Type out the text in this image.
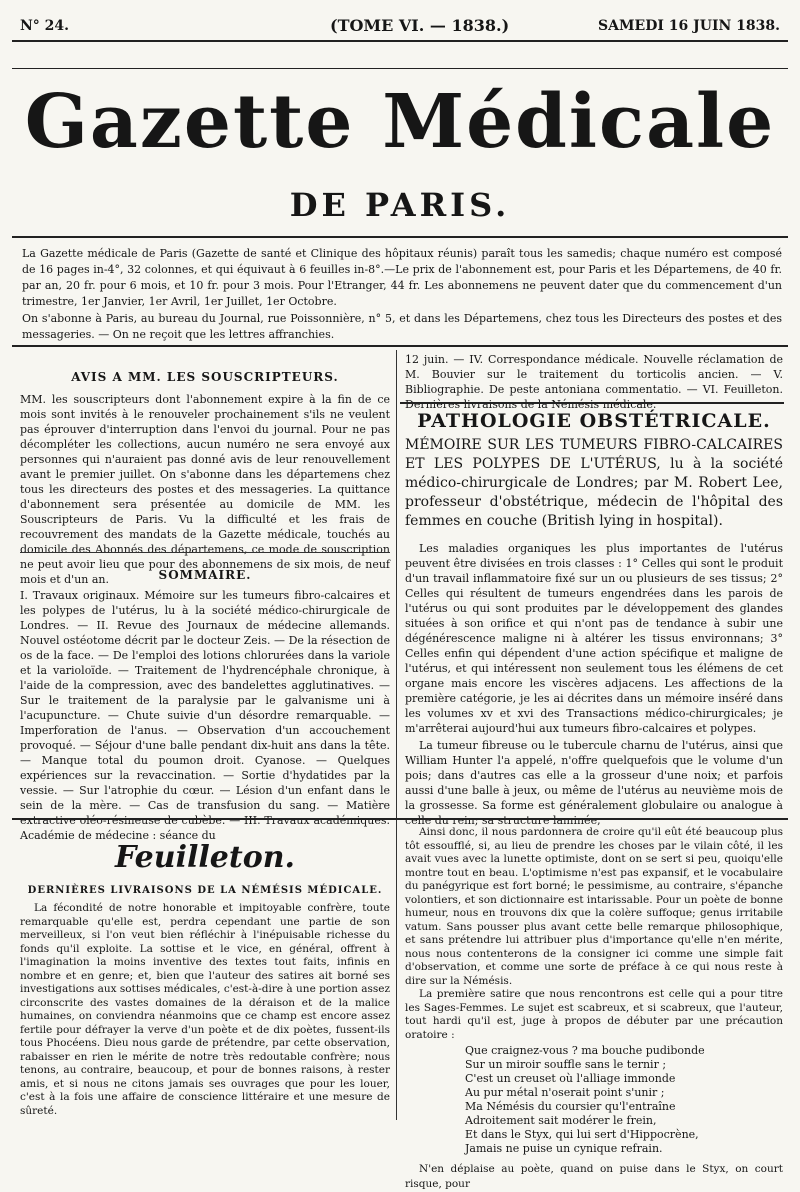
N° 24.	(TOME VI. — 1838.)	SAMEDI 16 JUIN 1838.
Gazette Médicale
DE PARIS.
La Gazette médicale de Paris (Gazette de santé et Clinique des hôpitaux réunis) paraît tous les samedis; chaque numéro est composé de 16 pages in-4°, 32 colonnes, et qui équivaut à 6 feuilles in-8°.—Le prix de l'abonnement est, pour Paris et les Départemens, de 40 fr. par an, 20 fr. pour 6 mois, et 10 fr. pour 3 mois. Pour l'Etranger, 44 fr. Les abonnemens ne peuvent dater que du commencement d'un trimestre, 1er Janvier, 1er Avril, 1er Juillet, 1er Octobre.
On s'abonne à Paris, au bureau du Journal, rue Poissonnière, n° 5, et dans les Départemens, chez tous les Directeurs des postes et des messageries. — On ne reçoit que les lettres affranchies.
AVIS A MM. LES SOUSCRIPTEURS.
MM. les souscripteurs dont l'abonnement expire à la fin de ce mois sont invités à le renouveler prochainement s'ils ne veulent pas éprouver d'interruption dans l'envoi du journal. Pour ne pas décompléter les collections, aucun numéro ne sera envoyé aux personnes qui n'auraient pas donné avis de leur renouvellement avant le premier juillet. On s'abonne dans les départemens chez tous les directeurs des postes et des messageries. La quittance d'abonnement sera présentée au domicile de MM. les Souscripteurs de Paris. Vu la difficulté et les frais de recouvrement des mandats de la Gazette médicale, touchés au domicile des Abonnés des départemens, ce mode de souscription ne peut avoir lieu que pour des abonnemens de six mois, de neuf mois et d'un an.	SOMMAIRE.
I. Travaux originaux. Mémoire sur les tumeurs fibro-calcaires et les polypes de l'utérus, lu à la société médico-chirurgicale de Londres. — II. Revue des Journaux de médecine allemands. Nouvel ostéotome décrit par le docteur Zeis. — De la résection de os de la face. — De l'emploi des lotions chlorurées dans la variole et la varioloïde. — Traitement de l'hydrencéphale chronique, à l'aide de la compression, avec des bandelettes agglutinatives. — Sur le traitement de la paralysie par le galvanisme uni à l'acupuncture. — Chute suivie d'un désordre remarquable. — Imperforation de l'anus. — Observation d'un accouchement provoqué. — Séjour d'une balle pendant dix-huit ans dans la tête. — Manque total du poumon droit. Cyanose. — Quelques expériences sur la revaccination. — Sortie d'hydatides par la vessie. — Sur l'atrophie du cœur. — Lésion d'un enfant dans le sein de la mère. — Cas de transfusion du sang. — Matière extractive oléo-résineuse de cubèbe. — III. Travaux académiques. Académie de médecine : séance du
12 juin. — IV. Correspondance médicale. Nouvelle réclamation de M. Bouvier sur le traitement du torticolis ancien. — V. Bibliographie. De peste antoniana commentatio. — VI. Feuilleton. Dernières livraisons de la Némésis médicale.
PATHOLOGIE OBSTÉTRICALE.
MÉMOIRE SUR LES TUMEURS FIBRO-CALCAIRES ET LES POLYPES DE L'UTÉRUS, lu à la société médico-chirurgicale de Londres; par M. Robert Lee, professeur d'obstétrique, médecin de l'hôpital des femmes en couche (British lying in hospital).
Les maladies organiques les plus importantes de l'utérus peuvent être divisées en trois classes : 1° Celles qui sont le produit d'un travail inflammatoire fixé sur un ou plusieurs de ses tissus; 2° Celles qui résultent de tumeurs engendrées dans les parois de l'utérus ou qui sont produites par le développement des glandes situées à son orifice et qui n'ont pas de tendance à subir une dégénérescence maligne ni à altérer les tissus environnans; 3° Celles enfin qui dépendent d'une action spécifique et maligne de l'utérus, et qui intéressent non seulement tous les élémens de cet organe mais encore les viscères adjacens. Les affections de la première catégorie, je les ai décrites dans un mémoire inséré dans les volumes xv et xvi des Transactions médico-chirurgicales; je m'arrêterai aujourd'hui aux tumeurs fibro-calcaires et polypes.
La tumeur fibreuse ou le tubercule charnu de l'utérus, ainsi que William Hunter l'a appelé, n'offre quelquefois que le volume d'un pois; dans d'autres cas elle a la grosseur d'une noix; et parfois aussi d'une balle à jeux, ou même de l'utérus au neuvième mois de la grossesse. Sa forme est généralement globulaire ou analogue à celle du rein; sa structure laminée,
Feuilleton.
DERNIÈRES LIVRAISONS DE LA NÉMÉSIS MÉDICALE.
La fécondité de notre honorable et impitoyable confrère, toute remarquable qu'elle est, perdra cependant une partie de son merveilleux, si l'on veut bien réfléchir à l'inépuisable richesse du fonds qu'il exploite. La sottise et le vice, en général, offrent à l'imagination la moins inventive des textes tout faits, infinis en nombre et en genre; et, bien que l'auteur des satires ait borné ses investigations aux sottises médicales, c'est-à-dire à une portion assez circonscrite des vastes domaines de la déraison et de la malice humaines, on conviendra néanmoins que ce champ est encore assez fertile pour défrayer la verve d'un poète et de dix poètes, fussent-ils tous Phocéens. Dieu nous garde de prétendre, par cette observation, rabaisser en rien le mérite de notre très redoutable confrère; nous tenons, au contraire, beaucoup, et pour de bonnes raisons, à rester amis, et si nous ne citons jamais ses ouvrages que pour les louer, c'est à la fois une affaire de conscience littéraire et une mesure de sûreté.
Ainsi donc, il nous pardonnera de croire qu'il eût été beaucoup plus tôt essoufflé, si, au lieu de prendre les choses par le vilain côté, il les avait vues avec la lunette optimiste, dont on se sert si peu, quoiqu'elle montre tout en beau. L'optimisme n'est pas expansif, et le vocabulaire du panégyrique est fort borné; le pessimisme, au contraire, s'épanche volontiers, et son dictionnaire est intarissable. Pour un poète de bonne humeur, nous en trouvons dix que la colère suffoque; genus irritabile vatum. Sans pousser plus avant cette belle remarque philosophique, et sans prétendre lui attribuer plus d'importance qu'elle n'en mérite, nous nous contenterons de la consigner ici comme une simple fait d'observation, et comme une sorte de préface à ce qui nous reste à dire sur la Némésis.
La première satire que nous rencontrons est celle qui a pour titre les Sages-Femmes. Le sujet est scabreux, et si scabreux, que l'auteur, tout hardi qu'il est, juge à propos de débuter par une précaution oratoire :
Que craignez-vous ? ma bouche pudibonde
Sur un miroir souffle sans le ternir ;
C'est un creuset où l'alliage immonde
Au pur métal n'oserait point s'unir ;
Ma Némésis du coursier qu'l'entraîne
Adroitement sait modérer le frein,
Et dans le Styx, qui lui sert d'Hippocrène,
Jamais ne puise un cynique refrain.
N'en déplaise au poète, quand on puise dans le Styx, on court risque, pour
